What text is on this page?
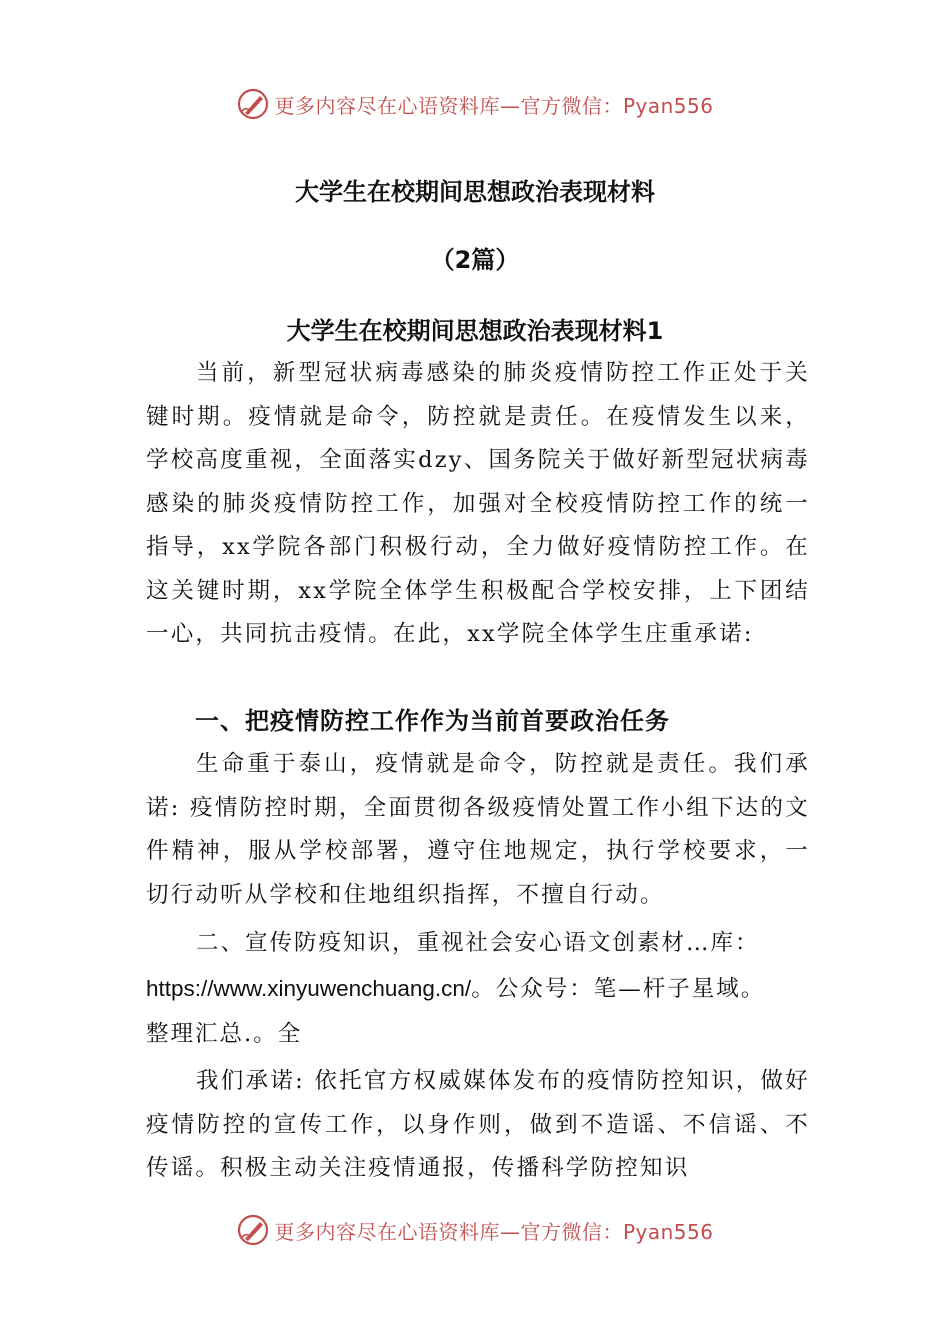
更多内容尽在心语资料库—官方微信：Pyan556
大学生在校期间思想政治表现材料
（2篇）
大学生在校期间思想政治表现材料1
当前，新型冠状病毒感染的肺炎疫情防控工作正处于关键时期。疫情就是命令，防控就是责任。在疫情发生以来，学校高度重视，全面落实dzy、国务院关于做好新型冠状病毒感染的肺炎疫情防控工作，加强对全校疫情防控工作的统一指导，xx学院各部门积极行动，全力做好疫情防控工作。在这关键时期，xx学院全体学生积极配合学校安排，上下团结一心，共同抗击疫情。在此，xx学院全体学生庄重承诺:
一、把疫情防控工作作为当前首要政治任务
生命重于泰山，疫情就是命令，防控就是责任。我们承诺: 疫情防控时期，全面贯彻各级疫情处置工作小组下达的文件精神，服从学校部署，遵守住地规定，执行学校要求，一切行动听从学校和住地组织指挥，不擅自行动。
二、宣传防疫知识，重视社会安心语文创素材…库：
https://www.xinyuwenchuang.cn/。公众号：笔—杆子星域。
整理汇总.。全
我们承诺: 依托官方权威媒体发布的疫情防控知识，做好疫情防控的宣传工作，以身作则，做到不造谣、不信谣、不传谣。积极主动关注疫情通报，传播科学防控知识
更多内容尽在心语资料库—官方微信：Pyan556
